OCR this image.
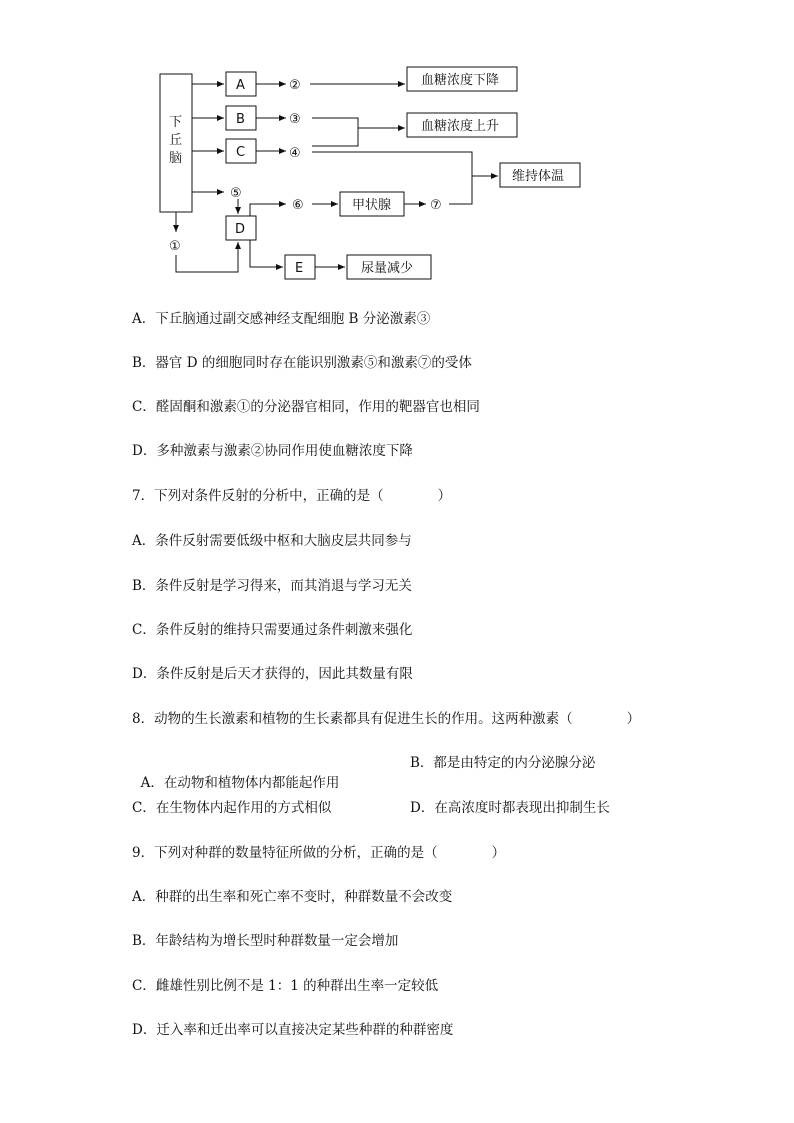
下
丘
脑
A
B
C
D
E
甲状腺
②
③
④
⑤
⑥	⑦
①
血糖浓度下降
血糖浓度上升
维持体温
尿量减少
A．下丘脑通过副交感神经支配细胞 B 分泌激素③
B．器官 D 的细胞同时存在能识别激素⑤和激素⑦的受体
C．醛固酮和激素①的分泌器官相同，作用的靶器官也相同
D．多种激素与激素②协同作用使血糖浓度下降
7．下列对条件反射的分析中，正确的是（　　　　）
A．条件反射需要低级中枢和大脑皮层共同参与
B．条件反射是学习得来，而其消退与学习无关
C．条件反射的维持只需要通过条件刺激来强化
D．条件反射是后天才获得的，因此其数量有限
8．动物的生长激素和植物的生长素都具有促进生长的作用。这两种激素（　　　　）

A．在动物和植物体内都能起作用

B．都是由特定的内分泌腺分泌
C．在生物体内起作用的方式相似	D．在高浓度时都表现出抑制生长
9．下列对种群的数量特征所做的分析，正确的是（　　　　）
A．种群的出生率和死亡率不变时，种群数量不会改变
B．年龄结构为增长型时种群数量一定会增加
C．雌雄性别比例不是 1：1 的种群出生率一定较低
D．迁入率和迁出率可以直接决定某些种群的种群密度
